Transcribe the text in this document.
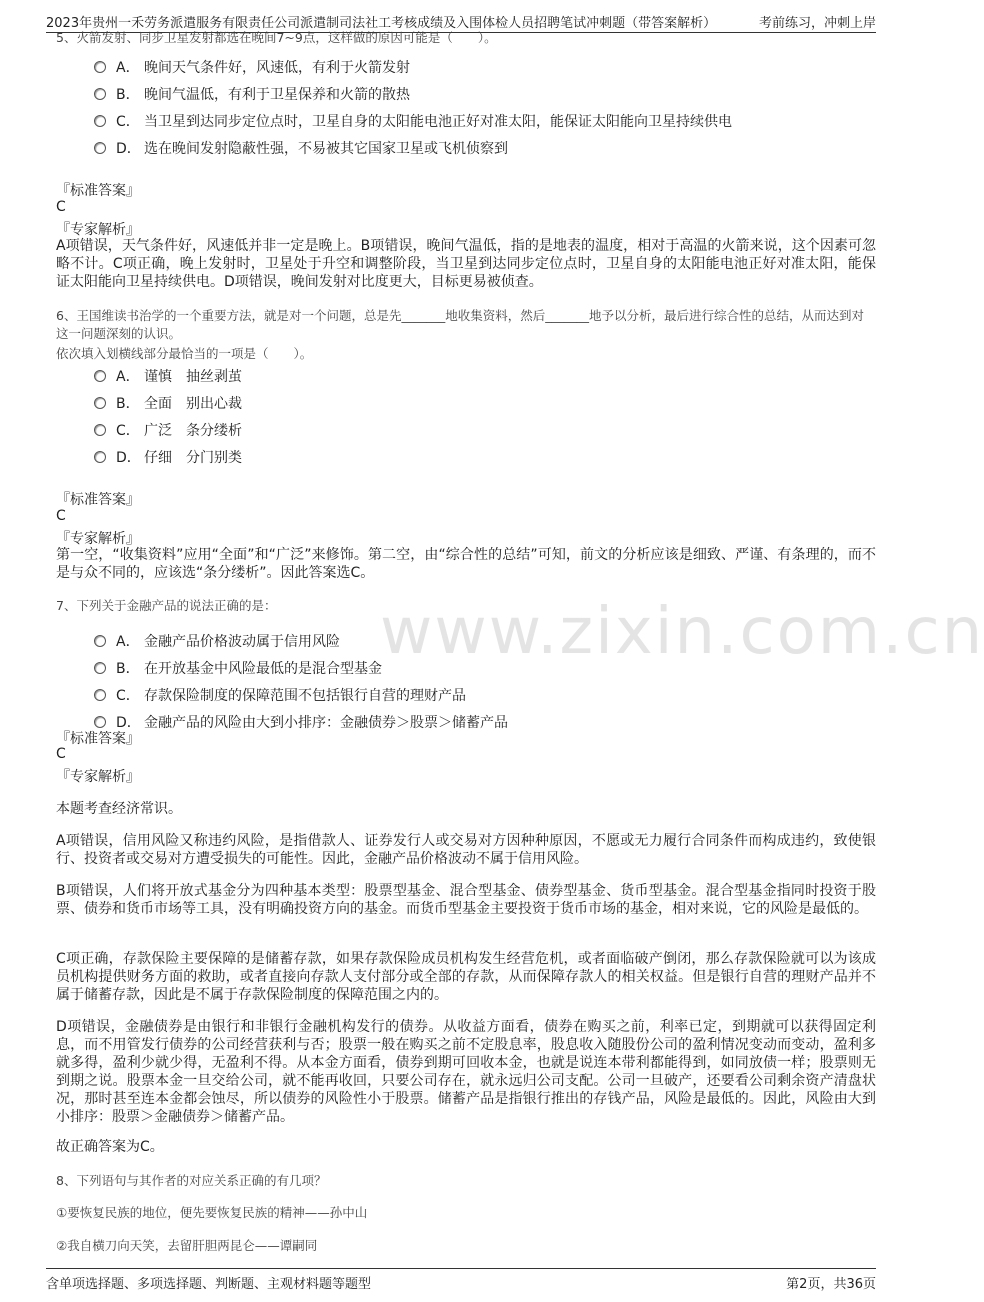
2023年贵州一禾劳务派遣服务有限责任公司派遣制司法社工考核成绩及入围体检人员招聘笔试冲刺题（带答案解析）	考前练习，冲刺上岸
www.zixin.com.cn
5、火箭发射、同步卫星发射都选在晚间7~9点，这样做的原因可能是（　　）。
A． 晚间天气条件好，风速低，有利于火箭发射
B． 晚间气温低，有利于卫星保养和火箭的散热
C． 当卫星到达同步定位点时，卫星自身的太阳能电池正好对准太阳，能保证太阳能向卫星持续供电
D． 选在晚间发射隐蔽性强，不易被其它国家卫星或飞机侦察到
『标准答案』
C
『专家解析』
A项错误，天气条件好，风速低并非一定是晚上。B项错误，晚间气温低，指的是地表的温度，相对于高温的火箭来说，这个因素可忽略不计。C项正确，晚上发射时，卫星处于升空和调整阶段，当卫星到达同步定位点时，卫星自身的太阳能电池正好对准太阳，能保证太阳能向卫星持续供电。D项错误，晚间发射对比度更大，目标更易被侦查。
6、王国维读书治学的一个重要方法，就是对一个问题，总是先_______地收集资料，然后_______地予以分析，最后进行综合性的总结，从而达到对这一问题深刻的认识。
依次填入划横线部分最恰当的一项是（　　）。
A． 谨慎　抽丝剥茧
B． 全面　别出心裁
C． 广泛　条分缕析
D． 仔细　分门别类
『标准答案』
C
『专家解析』
第一空，“收集资料”应用“全面”和“广泛”来修饰。第二空，由“综合性的总结”可知，前文的分析应该是细致、严谨、有条理的，而不是与众不同的，应该选“条分缕析”。因此答案选C。
7、下列关于金融产品的说法正确的是：
A． 金融产品价格波动属于信用风险
B． 在开放基金中风险最低的是混合型基金
C． 存款保险制度的保障范围不包括银行自营的理财产品
D． 金融产品的风险由大到小排序：金融债券＞股票＞储蓄产品
『标准答案』
C
『专家解析』
本题考查经济常识。
A项错误，信用风险又称违约风险，是指借款人、证券发行人或交易对方因种种原因，不愿或无力履行合同条件而构成违约，致使银行、投资者或交易对方遭受损失的可能性。因此，金融产品价格波动不属于信用风险。
B项错误，人们将开放式基金分为四种基本类型：股票型基金、混合型基金、债券型基金、货币型基金。混合型基金指同时投资于股票、债券和货币市场等工具，没有明确投资方向的基金。而货币型基金主要投资于货币市场的基金，相对来说，它的风险是最低的。
C项正确，存款保险主要保障的是储蓄存款，如果存款保险成员机构发生经营危机，或者面临破产倒闭，那么存款保险就可以为该成员机构提供财务方面的救助，或者直接向存款人支付部分或全部的存款，从而保障存款人的相关权益。但是银行自营的理财产品并不属于储蓄存款，因此是不属于存款保险制度的保障范围之内的。
D项错误，金融债券是由银行和非银行金融机构发行的债券。从收益方面看，债券在购买之前，利率已定，到期就可以获得固定利息，而不用管发行债券的公司经营获利与否；股票一般在购买之前不定股息率，股息收入随股份公司的盈利情况变动而变动，盈利多就多得，盈利少就少得，无盈利不得。从本金方面看，债券到期可回收本金，也就是说连本带利都能得到，如同放债一样；股票则无到期之说。股票本金一旦交给公司，就不能再收回，只要公司存在，就永远归公司支配。公司一旦破产，还要看公司剩余资产清盘状况，那时甚至连本金都会蚀尽，所以债券的风险性小于股票。储蓄产品是指银行推出的存钱产品，风险是最低的。因此，风险由大到小排序：股票＞金融债券＞储蓄产品。
故正确答案为C。
8、下列语句与其作者的对应关系正确的有几项？
①要恢复民族的地位，便先要恢复民族的精神——孙中山
②我自横刀向天笑，去留肝胆两昆仑——谭嗣同
含单项选择题、多项选择题、判断题、主观材料题等题型	第2页，共36页
